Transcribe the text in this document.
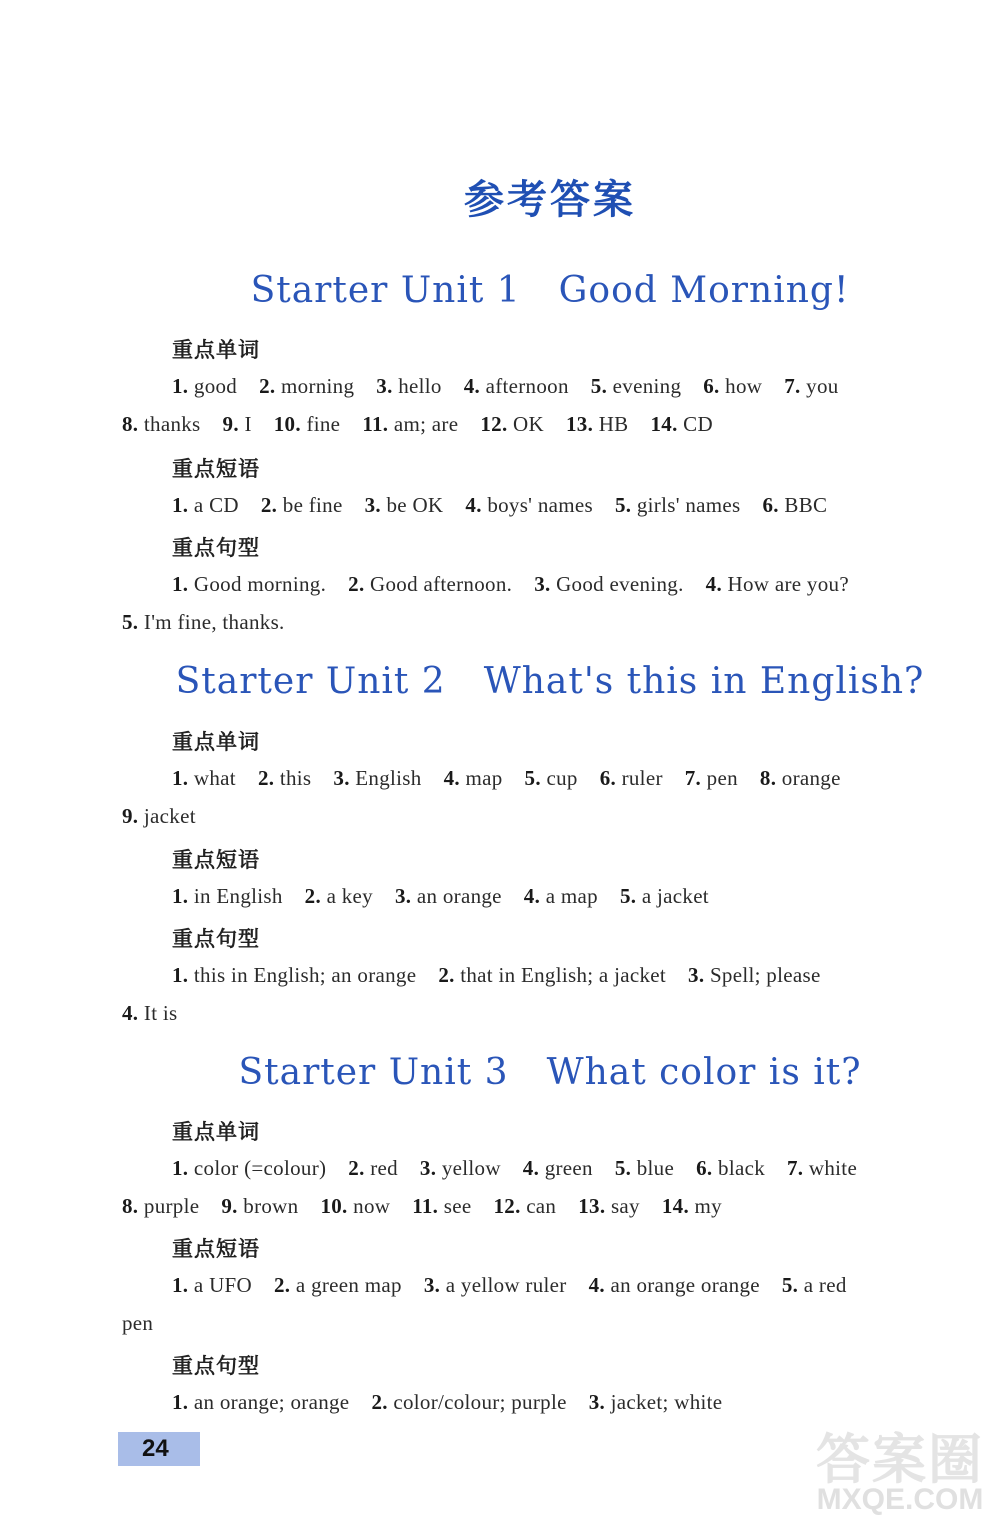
参考答案
Starter Unit 1 Good Morning!
重点单词
1. good 2. morning 3. hello 4. afternoon 5. evening 6. how 7. you
8. thanks 9. I 10. fine 11. am; are 12. OK 13. HB 14. CD
重点短语
1. a CD 2. be fine 3. be OK 4. boys' names 5. girls' names 6. BBC
重点句型
1. Good morning. 2. Good afternoon. 3. Good evening. 4. How are you?
5. I'm fine, thanks.
Starter Unit 2 What's this in English?
重点单词
1. what 2. this 3. English 4. map 5. cup 6. ruler 7. pen 8. orange
9. jacket
重点短语
1. in English 2. a key 3. an orange 4. a map 5. a jacket
重点句型
1. this in English; an orange 2. that in English; a jacket 3. Spell; please
4. It is
Starter Unit 3 What color is it?
重点单词
1. color (=colour) 2. red 3. yellow 4. green 5. blue 6. black 7. white
8. purple 9. brown 10. now 11. see 12. can 13. say 14. my
重点短语
1. a UFO 2. a green map 3. a yellow ruler 4. an orange orange 5. a red
pen
重点句型
1. an orange; orange 2. color/colour; purple 3. jacket; white
24	答案圈
MXQE.COM
